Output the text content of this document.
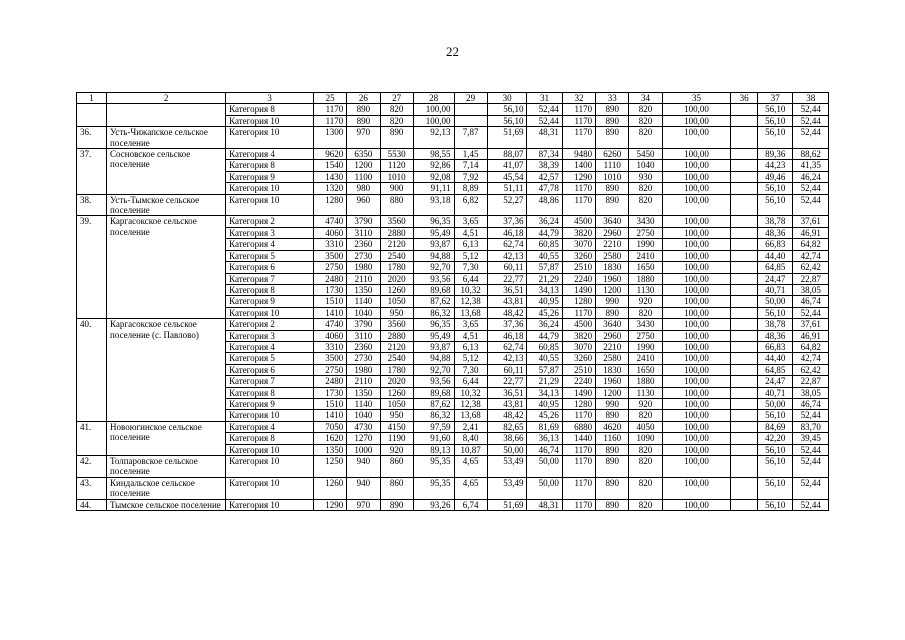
22
1	2	3	25	26	27	28	29	30	31	32	33	34	35	36	37	38
		Категория 8	1170	890	820	100,00		56,10	52,44	1170	890	820	100,00		56,10	52,44
		Категория 10	1170	890	820	100,00		56,10	52,44	1170	890	820	100,00		56,10	52,44
36.	Усть-Чижапское сельское поселение	Категория 10	1300	970	890	92,13	7,87	51,69	48,31	1170	890	820	100,00		56,10	52,44
37.	Сосновское сельское поселение	Категория 4	9620	6350	5530	98,55	1,45	88,07	87,34	9480	6260	5450	100,00		89,36	88,62
		Категория 8	1540	1200	1120	92,86	7,14	41,07	38,39	1400	1110	1040	100,00		44,23	41,35
		Категория 9	1430	1100	1010	92,08	7,92	45,54	42,57	1290	1010	930	100,00		49,46	46,24
		Категория 10	1320	980	900	91,11	8,89	51,11	47,78	1170	890	820	100,00		56,10	52,44
38.	Усть-Тымское сельское поселение	Категория 10	1280	960	880	93,18	6,82	52,27	48,86	1170	890	820	100,00		56,10	52,44
39.	Каргасокское сельское поселение	Категория 2	4740	3790	3560	96,35	3,65	37,36	36,24	4500	3640	3430	100,00		38,78	37,61
		Категория 3	4060	3110	2880	95,49	4,51	46,18	44,79	3820	2960	2750	100,00		48,36	46,91
		Категория 4	3310	2360	2120	93,87	6,13	62,74	60,85	3070	2210	1990	100,00		66,83	64,82
		Категория 5	3500	2730	2540	94,88	5,12	42,13	40,55	3260	2580	2410	100,00		44,40	42,74
		Категория 6	2750	1980	1780	92,70	7,30	60,11	57,87	2510	1830	1650	100,00		64,85	62,42
		Категория 7	2480	2110	2020	93,56	6,44	22,77	21,29	2240	1960	1880	100,00		24,47	22,87
		Категория 8	1730	1350	1260	89,68	10,32	36,51	34,13	1490	1200	1130	100,00		40,71	38,05
		Категория 9	1510	1140	1050	87,62	12,38	43,81	40,95	1280	990	920	100,00		50,00	46,74
		Категория 10	1410	1040	950	86,32	13,68	48,42	45,26	1170	890	820	100,00		56,10	52,44
40.	Каргасокское сельское поселение (с. Павлово)	Категория 2	4740	3790	3560	96,35	3,65	37,36	36,24	4500	3640	3430	100,00		38,78	37,61
		Категория 3	4060	3110	2880	95,49	4,51	46,18	44,79	3820	2960	2750	100,00		48,36	46,91
		Категория 4	3310	2360	2120	93,87	6,13	62,74	60,85	3070	2210	1990	100,00		66,83	64,82
		Категория 5	3500	2730	2540	94,88	5,12	42,13	40,55	3260	2580	2410	100,00		44,40	42,74
		Категория 6	2750	1980	1780	92,70	7,30	60,11	57,87	2510	1830	1650	100,00		64,85	62,42
		Категория 7	2480	2110	2020	93,56	6,44	22,77	21,29	2240	1960	1880	100,00		24,47	22,87
		Категория 8	1730	1350	1260	89,68	10,32	36,51	34,13	1490	1200	1130	100,00		40,71	38,05
		Категория 9	1510	1140	1050	87,62	12,38	43,81	40,95	1280	990	920	100,00		50,00	46,74
		Категория 10	1410	1040	950	86,32	13,68	48,42	45,26	1170	890	820	100,00		56,10	52,44
41.	Новоюгинское сельское поселение	Категория 4	7050	4730	4150	97,59	2,41	82,65	81,69	6880	4620	4050	100,00		84,69	83,70
		Категория 8	1620	1270	1190	91,60	8,40	38,66	36,13	1440	1160	1090	100,00		42,20	39,45
		Категория 10	1350	1000	920	89,13	10,87	50,00	46,74	1170	890	820	100,00		56,10	52,44
42.	Толпаровское сельское поселение	Категория 10	1250	940	860	95,35	4,65	53,49	50,00	1170	890	820	100,00		56,10	52,44
43.	Киндальское сельское поселение	Категория 10	1260	940	860	95,35	4,65	53,49	50,00	1170	890	820	100,00		56,10	52,44
44.	Тымское сельское поселение	Категория 10	1290	970	890	93,26	6,74	51,69	48,31	1170	890	820	100,00		56,10	52,44
